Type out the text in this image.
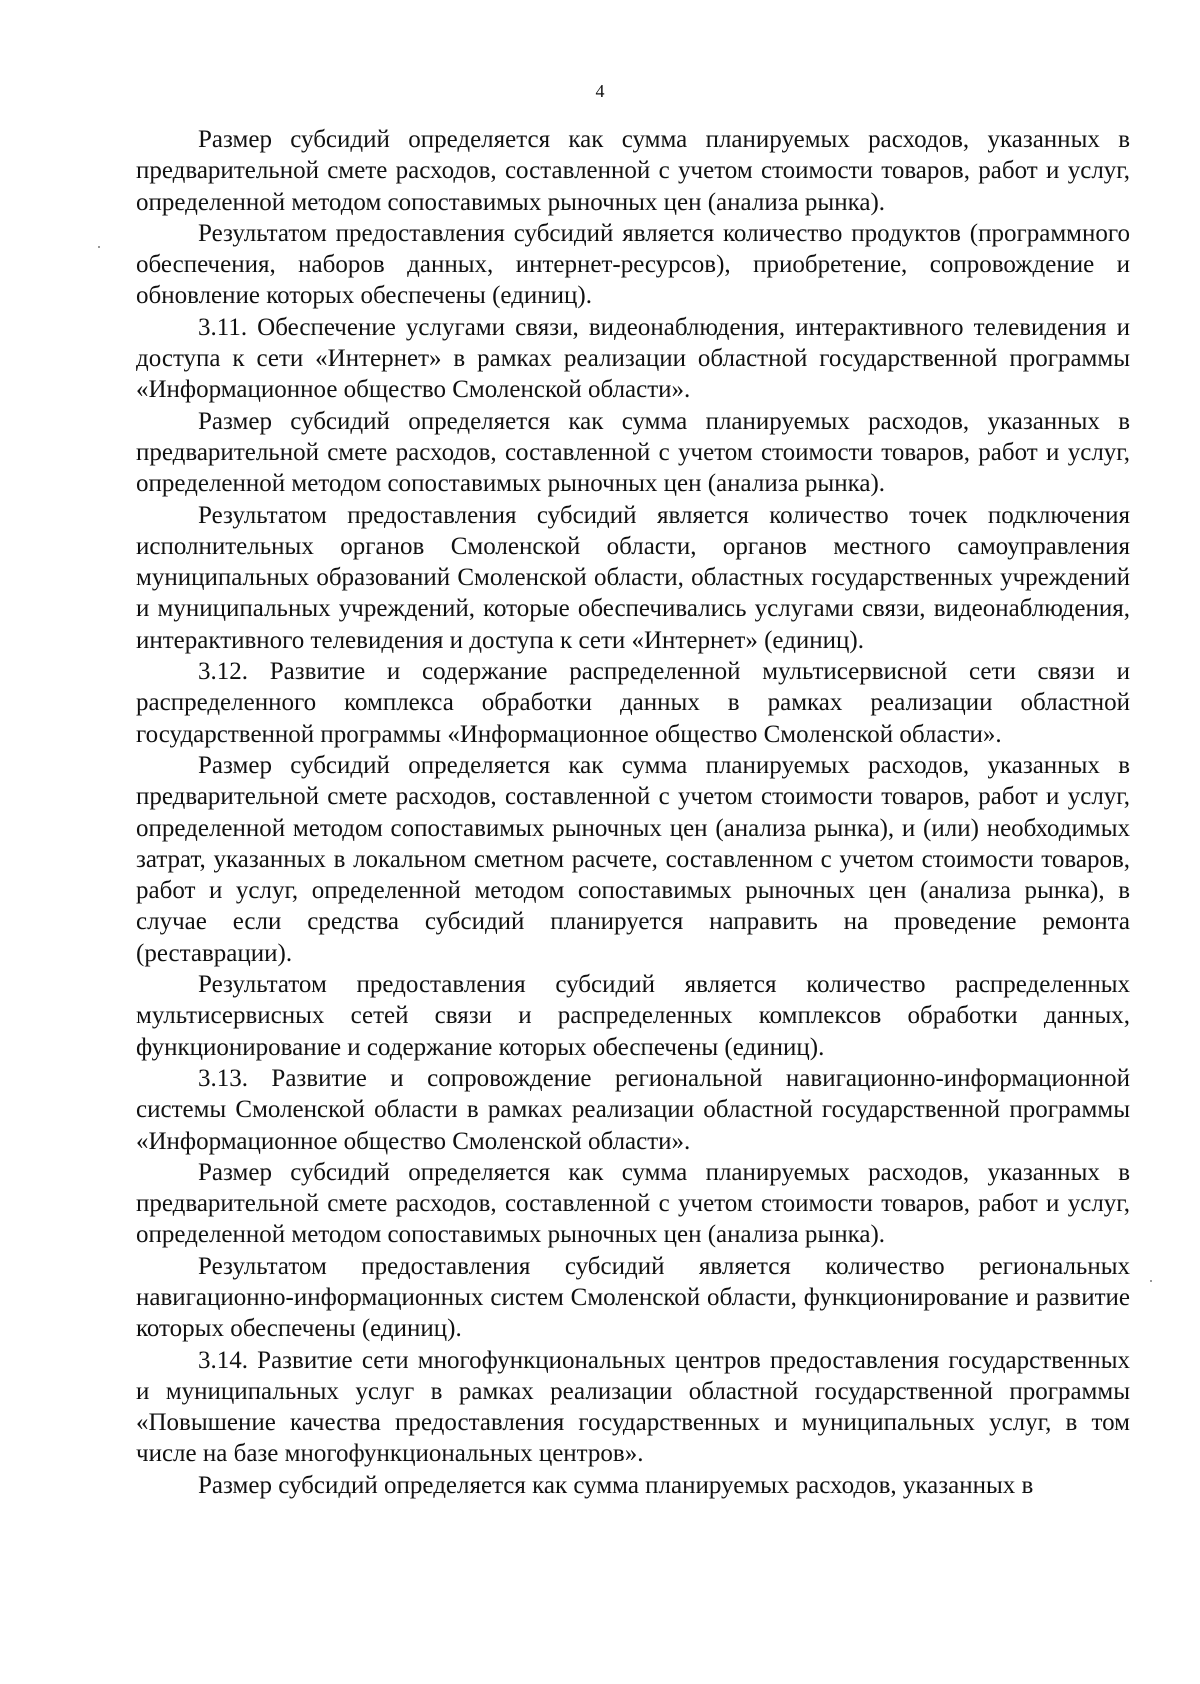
4

Размер субсидий определяется как сумма планируемых расходов, указанных в предварительной смете расходов, составленной с учетом стоимости товаров, работ и услуг, определенной методом сопоставимых рыночных цен (анализа рынка).

Результатом предоставления субсидий является количество продуктов (программного обеспечения, наборов данных, интернет-ресурсов), приобретение, сопровождение и обновление которых обеспечены (единиц).

3.11. Обеспечение услугами связи, видеонаблюдения, интерактивного телевидения и доступа к сети «Интернет» в рамках реализации областной государственной программы «Информационное общество Смоленской области».

Размер субсидий определяется как сумма планируемых расходов, указанных в предварительной смете расходов, составленной с учетом стоимости товаров, работ и услуг, определенной методом сопоставимых рыночных цен (анализа рынка).

Результатом предоставления субсидий является количество точек подключения исполнительных органов Смоленской области, органов местного самоуправления муниципальных образований Смоленской области, областных государственных учреждений и муниципальных учреждений, которые обеспечивались услугами связи, видеонаблюдения, интерактивного телевидения и доступа к сети «Интернет» (единиц).

3.12. Развитие и содержание распределенной мультисервисной сети связи и распределенного комплекса обработки данных в рамках реализации областной государственной программы «Информационное общество Смоленской области».

Размер субсидий определяется как сумма планируемых расходов, указанных в предварительной смете расходов, составленной с учетом стоимости товаров, работ и услуг, определенной методом сопоставимых рыночных цен (анализа рынка), и (или) необходимых затрат, указанных в локальном сметном расчете, составленном с учетом стоимости товаров, работ и услуг, определенной методом сопоставимых рыночных цен (анализа рынка), в случае если средства субсидий планируется направить на проведение ремонта (реставрации).

Результатом предоставления субсидий является количество распределенных мультисервисных сетей связи и распределенных комплексов обработки данных, функционирование и содержание которых обеспечены (единиц).

3.13. Развитие и сопровождение региональной навигационно-информационной системы Смоленской области в рамках реализации областной государственной программы «Информационное общество Смоленской области».

Размер субсидий определяется как сумма планируемых расходов, указанных в предварительной смете расходов, составленной с учетом стоимости товаров, работ и услуг, определенной методом сопоставимых рыночных цен (анализа рынка).

Результатом предоставления субсидий является количество региональных навигационно-информационных систем Смоленской области, функционирование и развитие которых обеспечены (единиц).

3.14. Развитие сети многофункциональных центров предоставления государственных и муниципальных услуг в рамках реализации областной государственной программы «Повышение качества предоставления государственных и муниципальных услуг, в том числе на базе многофункциональных центров».

Размер субсидий определяется как сумма планируемых расходов, указанных в
